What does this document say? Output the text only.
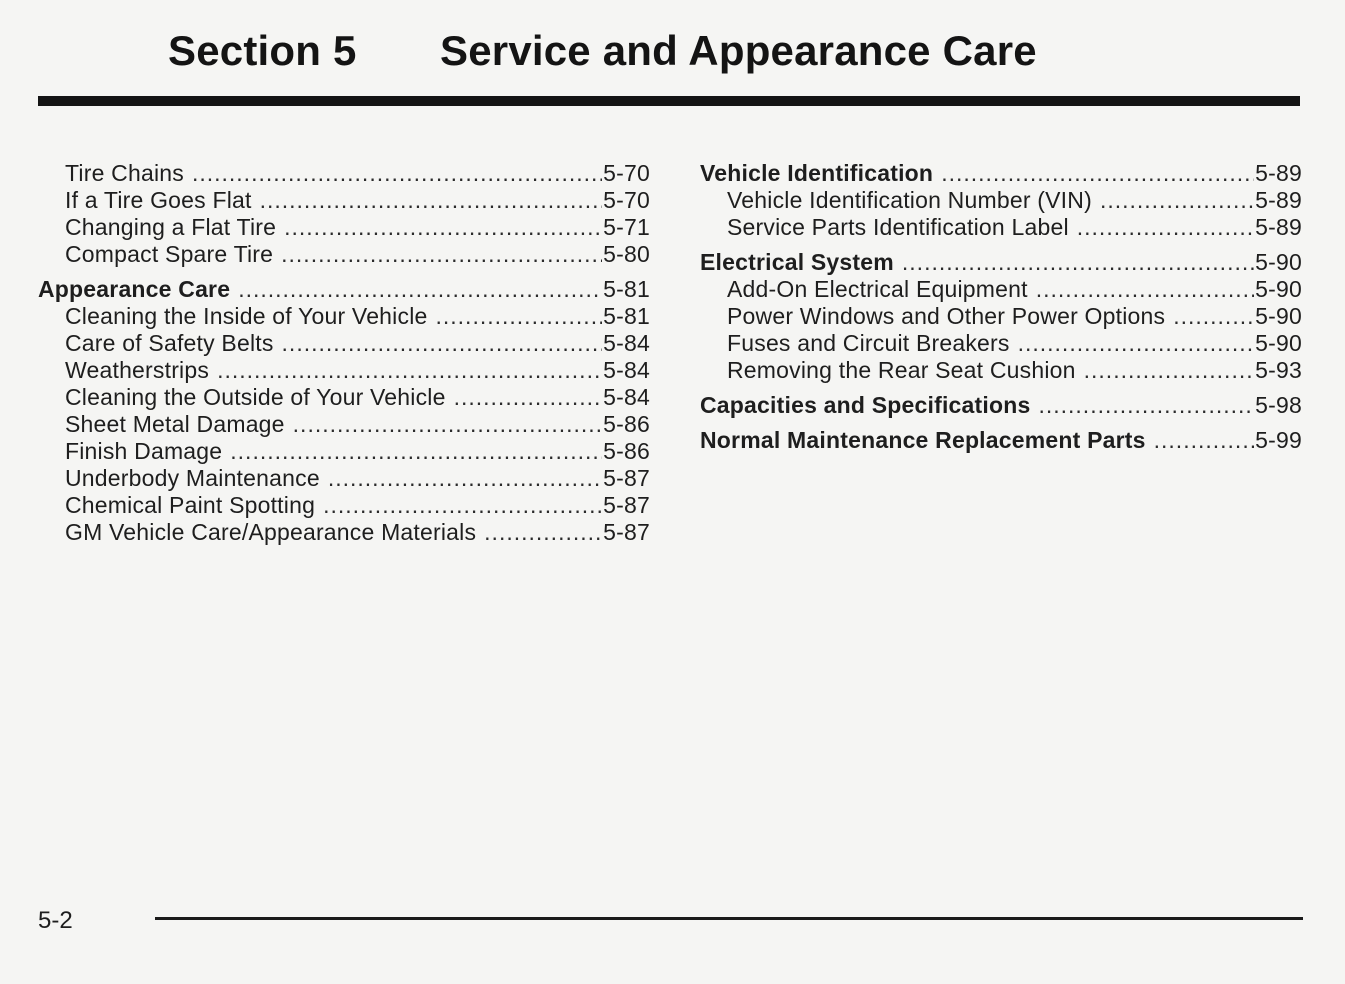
Section 5 Service and Appearance Care
Tire Chains .....	5-70
If a Tire Goes Flat .....	5-70
Changing a Flat Tire .....	5-71
Compact Spare Tire .....	5-80
Appearance Care .....	5-81
Cleaning the Inside of Your Vehicle .....	5-81
Care of Safety Belts .....	5-84
Weatherstrips .....	5-84
Cleaning the Outside of Your Vehicle .....	5-84
Sheet Metal Damage .....	5-86
Finish Damage .....	5-86
Underbody Maintenance .....	5-87
Chemical Paint Spotting .....	5-87
GM Vehicle Care/Appearance Materials .....	5-87
Vehicle Identification .....	5-89
Vehicle Identification Number (VIN) .....	5-89
Service Parts Identification Label .....	5-89
Electrical System .....	5-90
Add-On Electrical Equipment .....	5-90
Power Windows and Other Power Options .....	5-90
Fuses and Circuit Breakers .....	5-90
Removing the Rear Seat Cushion .....	5-93
Capacities and Specifications .....	5-98
Normal Maintenance Replacement Parts .....	5-99
5-2
